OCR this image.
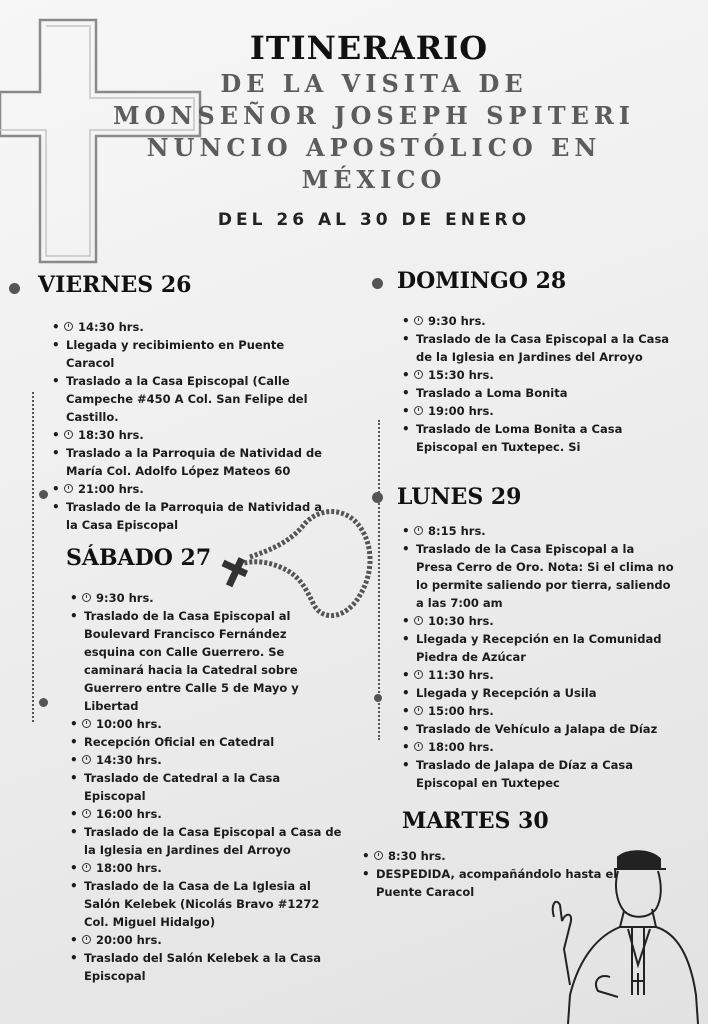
ITINERARIO
DE LA VISITA DE
MONSEÑOR JOSEPH SPITERI
NUNCIO APOSTÓLICO EN
MÉXICO
DEL 26 AL 30 DE ENERO
VIERNES 26
• 14:30 hrs.
• Llegada y recibimiento en Puente
Caracol
• Traslado a la Casa Episcopal (Calle
Campeche #450 A Col. San Felipe del
Castillo.
• 18:30 hrs.
• Traslado a la Parroquia de Natividad de
María Col. Adolfo López Mateos 60
• 21:00 hrs.
• Traslado de la Parroquia de Natividad a
la Casa Episcopal
SÁBADO 27
• 9:30 hrs.
• Traslado de la Casa Episcopal al
Boulevard Francisco Fernández
esquina con Calle Guerrero. Se
caminará hacia la Catedral sobre
Guerrero entre Calle 5 de Mayo y
Libertad
• 10:00 hrs.
• Recepción Oficial en Catedral
• 14:30 hrs.
• Traslado de Catedral a la Casa
Episcopal
• 16:00 hrs.
• Traslado de la Casa Episcopal a Casa de
la Iglesia en Jardines del Arroyo
• 18:00 hrs.
• Traslado de la Casa de La Iglesia al
Salón Kelebek (Nicolás Bravo #1272
Col. Miguel Hidalgo)
• 20:00 hrs.
• Traslado del Salón Kelebek a la Casa
Episcopal
DOMINGO 28
• 9:30 hrs.
• Traslado de la Casa Episcopal a la Casa
de la Iglesia en Jardines del Arroyo
• 15:30 hrs.
• Traslado a Loma Bonita
• 19:00 hrs.
• Traslado de Loma Bonita a Casa
Episcopal en Tuxtepec. Si
LUNES 29
• 8:15 hrs.
• Traslado de la Casa Episcopal a la
Presa Cerro de Oro. Nota: Si el clima no
lo permite saliendo por tierra, saliendo
a las 7:00 am
• 10:30 hrs.
• Llegada y Recepción en la Comunidad
Piedra de Azúcar
• 11:30 hrs.
• Llegada y Recepción a Usila
• 15:00 hrs.
• Traslado de Vehículo a Jalapa de Díaz
• 18:00 hrs.
• Traslado de Jalapa de Díaz a Casa
Episcopal en Tuxtepec
MARTES 30
• 8:30 hrs.
• DESPEDIDA, acompañándolo hasta el
Puente Caracol
